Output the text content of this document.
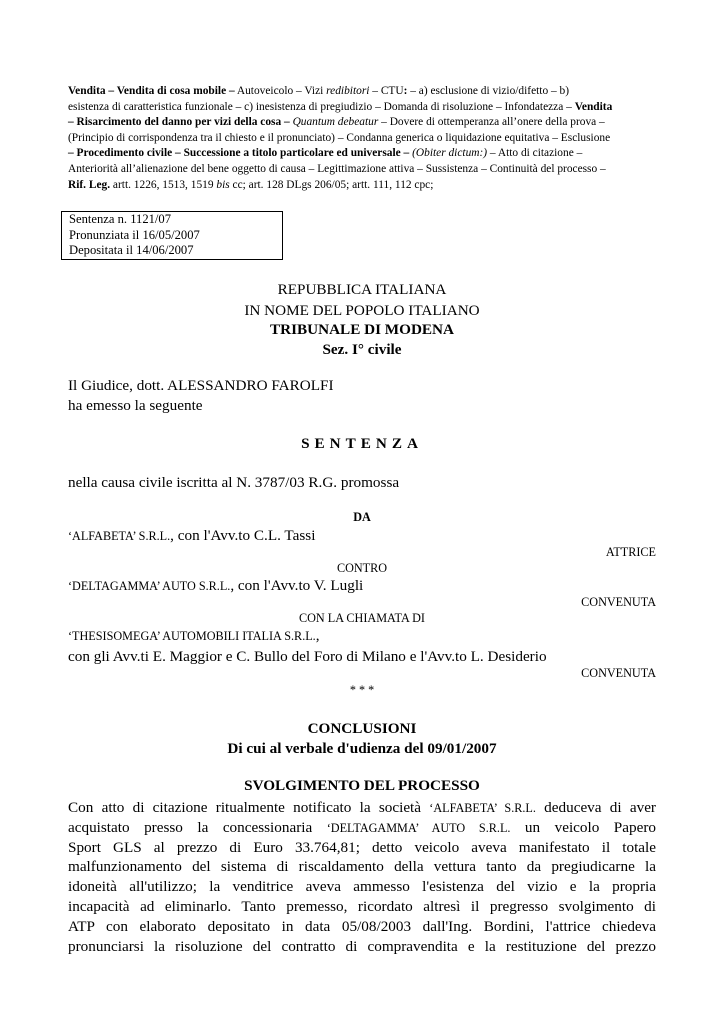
Vendita – Vendita di cosa mobile – Autoveicolo – Vizi redibitori – CTU: – a) esclusione di vizio/difetto – b)
esistenza di caratteristica funzionale – c) inesistenza di pregiudizio – Domanda di risoluzione – Infondatezza – Vendita
– Risarcimento del danno per vizi della cosa – Quantum debeatur – Dovere di ottemperanza all’onere della prova –
(Principio di corrispondenza tra il chiesto e il pronunciato) – Condanna generica o liquidazione equitativa – Esclusione
– Procedimento civile – Successione a titolo particolare ed universale – (Obiter dictum:) – Atto di citazione –
Anteriorità all’alienazione del bene oggetto di causa – Legittimazione attiva – Sussistenza – Continuità del processo –
Rif. Leg. artt. 1226, 1513, 1519 bis cc; art. 128 DLgs 206/05; artt. 111, 112 cpc;
Sentenza n. 1121/07
Pronunziata il 16/05/2007
Depositata il 14/06/2007
REPUBBLICA ITALIANA
IN NOME DEL POPOLO ITALIANO
TRIBUNALE DI MODENA
Sez. I° civile
Il Giudice, dott. ALESSANDRO FAROLFI
ha emesso la seguente
SENTENZA
nella causa civile iscritta al N. 3787/03 R.G. promossa
DA
‘ALFABETA’ S.R.L., con l'Avv.to C.L. Tassi
ATTRICE
CONTRO
‘DELTAGAMMA’ AUTO S.R.L., con l'Avv.to V. Lugli
CONVENUTA
CON LA CHIAMATA DI
‘THESISOMEGA’ AUTOMOBILI ITALIA S.R.L.,
con gli Avv.ti E. Maggior e C. Bullo del Foro di Milano e l'Avv.to L. Desiderio
CONVENUTA
* * *
CONCLUSIONI
Di cui al verbale d'udienza del 09/01/2007
SVOLGIMENTO DEL PROCESSO
Con atto di citazione ritualmente notificato la società ‘ALFABETA’ S.R.L. deduceva di aver
acquistato presso la concessionaria ‘DELTAGAMMA’ AUTO S.R.L. un veicolo Papero
Sport GLS al prezzo di Euro 33.764,81; detto veicolo aveva manifestato il totale
malfunzionamento del sistema di riscaldamento della vettura tanto da pregiudicarne la
idoneità all'utilizzo; la venditrice aveva ammesso l'esistenza del vizio e la propria
incapacità ad eliminarlo. Tanto premesso, ricordato altresì il pregresso svolgimento di
ATP con elaborato depositato in data 05/08/2003 dall'Ing. Bordini, l'attrice chiedeva
pronunciarsi la risoluzione del contratto di compravendita e la restituzione del prezzo
